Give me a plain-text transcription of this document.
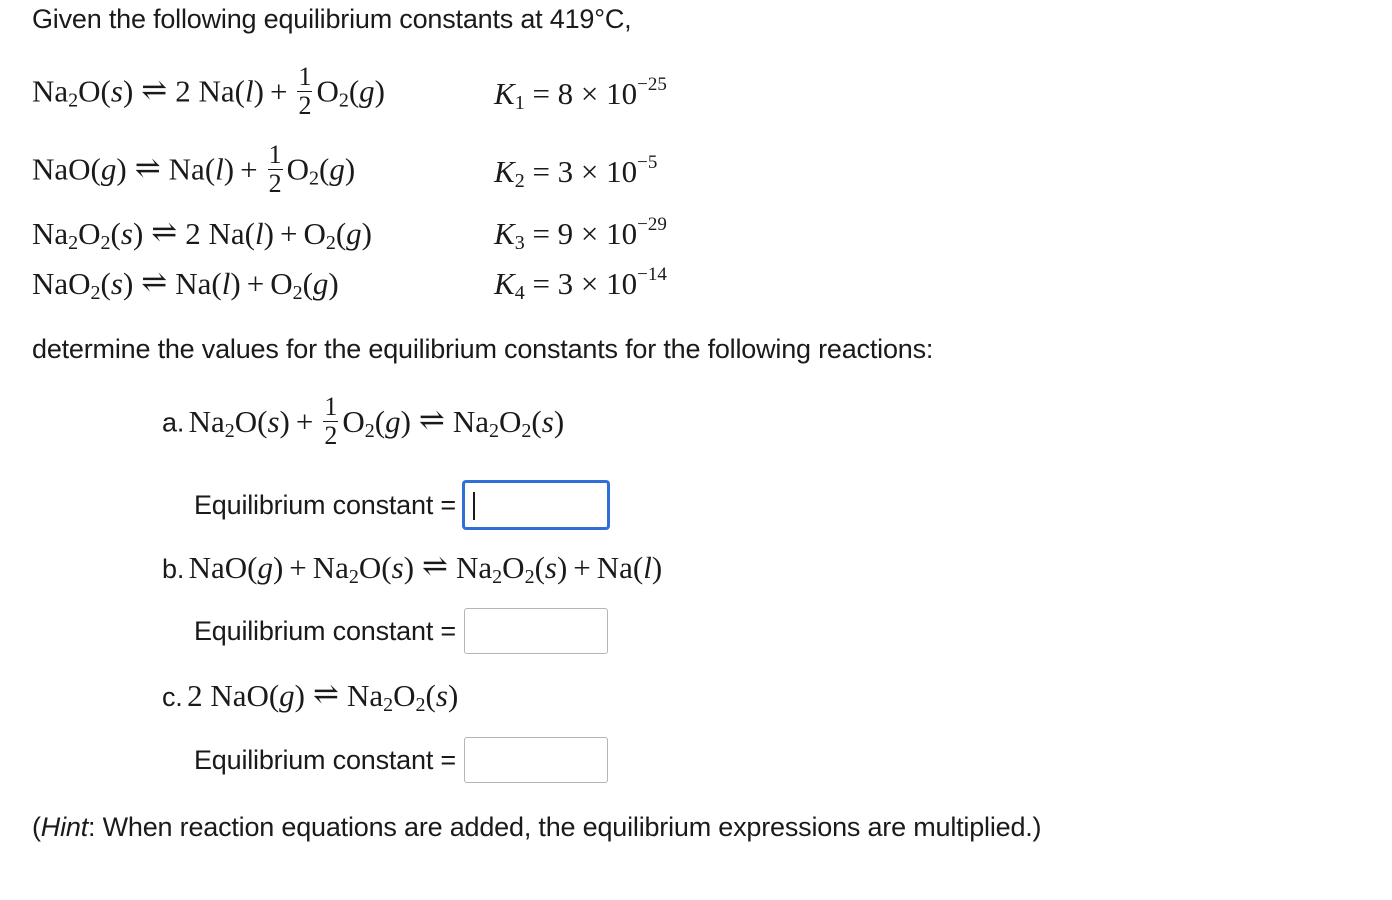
Given the following equilibrium constants at 419°C,
$Na_2O(s)$ ⇌ 2 $Na(l) + \frac{1}{2} O_2(g)$	$K_1 = 8 \times 10^{-25}$
NaO(g) ⇌ $Na(l) + \frac{1}{2} O_2(g)$	$K_2 = 3 \times 10^{-5}$
$Na_2O_2(s)$ ⇌ 2 $Na(l) + O_2(g)$	$K_3 = 9 \times 10^{-29}$
NaO$_2$(s) ⇌ $Na(l) + O_2(g)$	$K_4 = 3 \times 10^{-14}$
determine the values for the equilibrium constants for the following reactions:
a. $Na_2O(s) + \frac{1}{2} O_2(g)$ ⇌ $Na_2O_2(s)$
Equilibrium constant =
b. $NaO(g) + Na_2O(s)$ ⇌ $Na_2O_2(s) + Na(l)$
Equilibrium constant =
c. 2 NaO(g) ⇌ $Na_2O_2(s)$
Equilibrium constant =
(Hint: When reaction equations are added, the equilibrium expressions are multiplied.)
